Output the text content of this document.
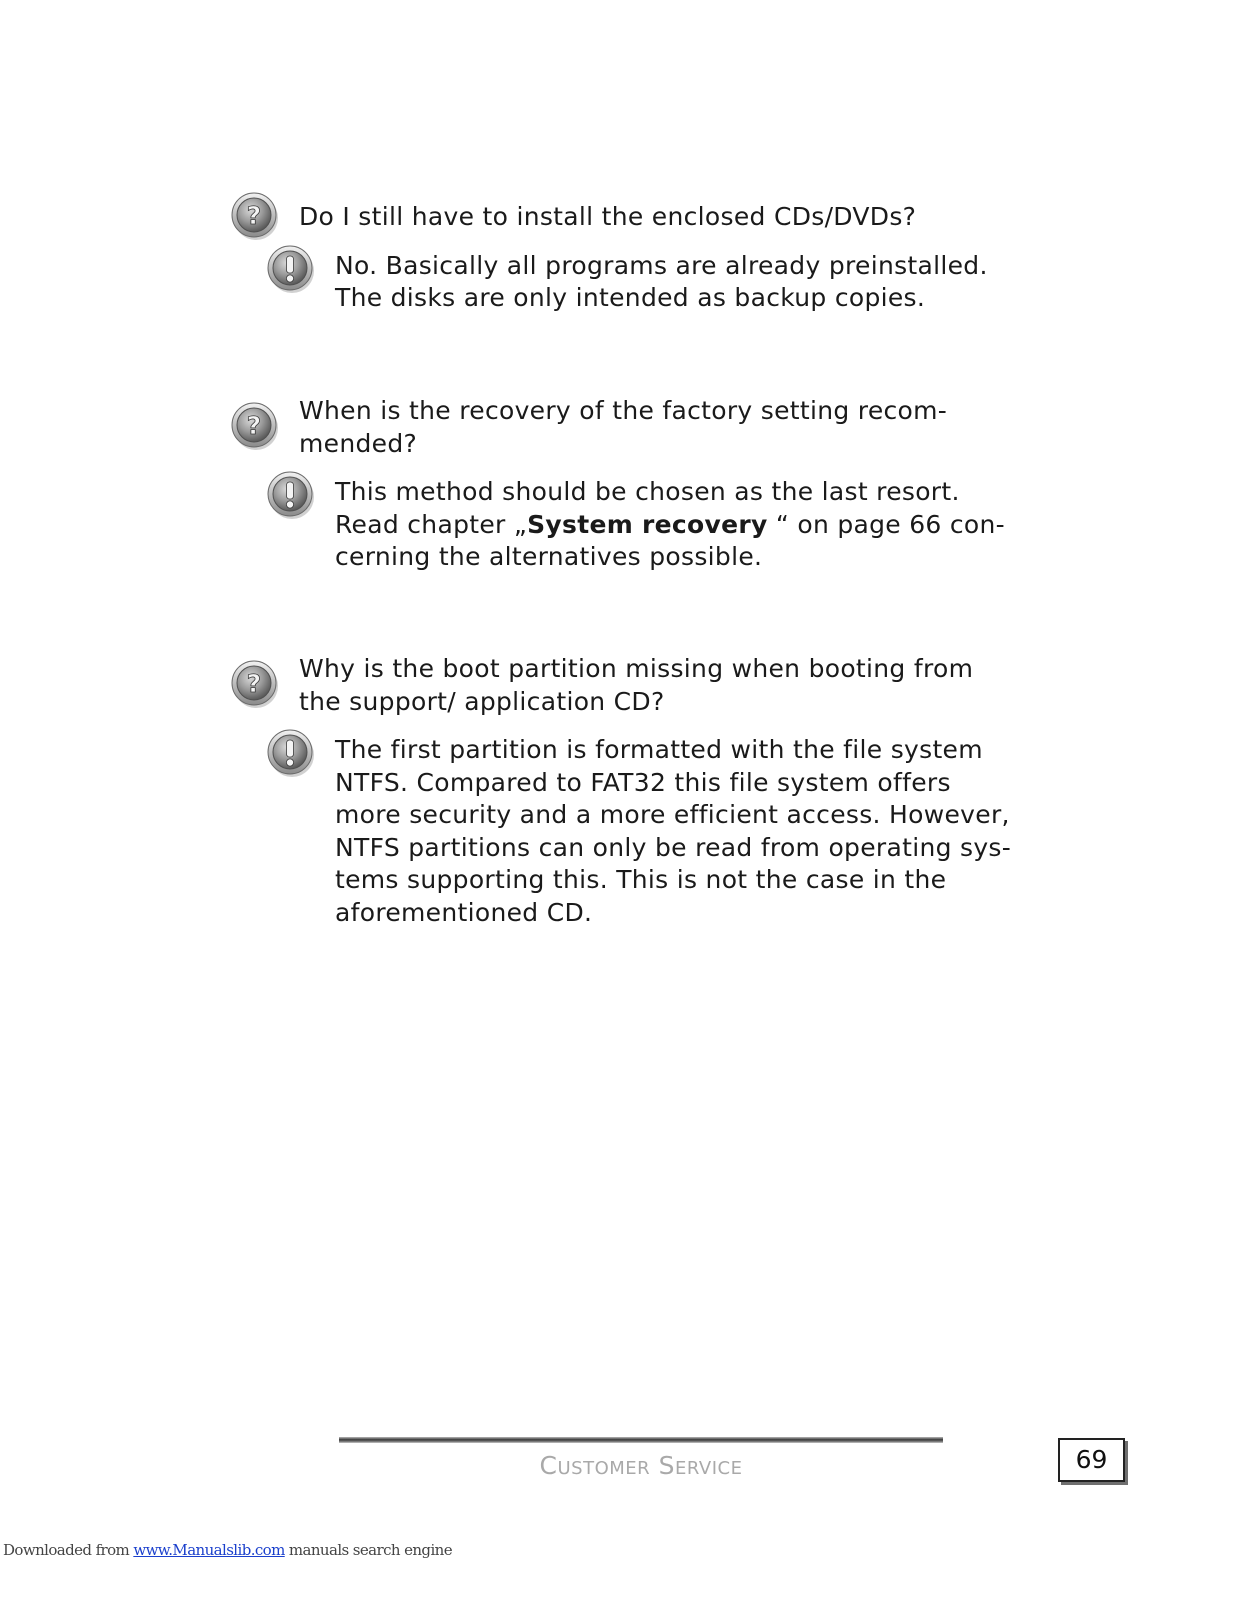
? Do I still have to install the enclosed CDs/DVDs?
No. Basically all programs are already preinstalled.
The disks are only intended as backup copies.
?
When is the recovery of the factory setting recom-
mended?
This method should be chosen as the last resort.
Read chapter „System recovery “ on page 66 con-
cerning the alternatives possible.
?
Why is the boot partition missing when booting from
the support/ application CD?
The first partition is formatted with the file system
NTFS. Compared to FAT32 this file system offers
more security and a more efficient access. However,
NTFS partitions can only be read from operating sys-
tems supporting this. This is not the case in the
aforementioned CD.
Customer Service	69
Downloaded from www.Manualslib.com manuals search engine
